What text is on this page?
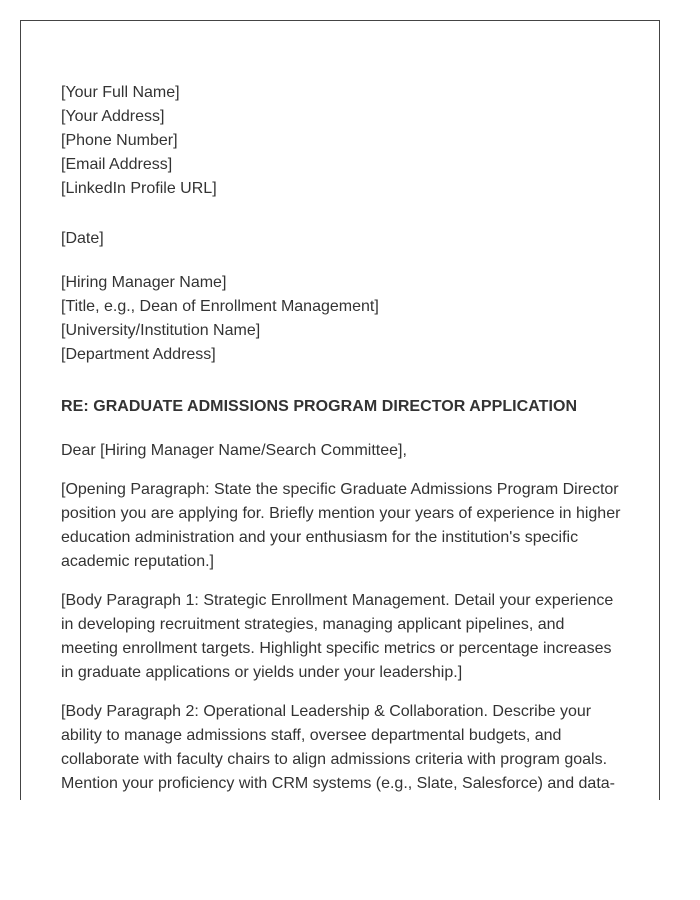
[Your Full Name]
[Your Address]
[Phone Number]
[Email Address]
[LinkedIn Profile URL]
[Date]
[Hiring Manager Name]
[Title, e.g., Dean of Enrollment Management]
[University/Institution Name]
[Department Address]
RE: GRADUATE ADMISSIONS PROGRAM DIRECTOR APPLICATION
Dear [Hiring Manager Name/Search Committee],
[Opening Paragraph: State the specific Graduate Admissions Program Director
position you are applying for. Briefly mention your years of experience in higher
education administration and your enthusiasm for the institution's specific
academic reputation.]
[Body Paragraph 1: Strategic Enrollment Management. Detail your experience
in developing recruitment strategies, managing applicant pipelines, and
meeting enrollment targets. Highlight specific metrics or percentage increases
in graduate applications or yields under your leadership.]
[Body Paragraph 2: Operational Leadership & Collaboration. Describe your
ability to manage admissions staff, oversee departmental budgets, and
collaborate with faculty chairs to align admissions criteria with program goals.
Mention your proficiency with CRM systems (e.g., Slate, Salesforce) and data-
